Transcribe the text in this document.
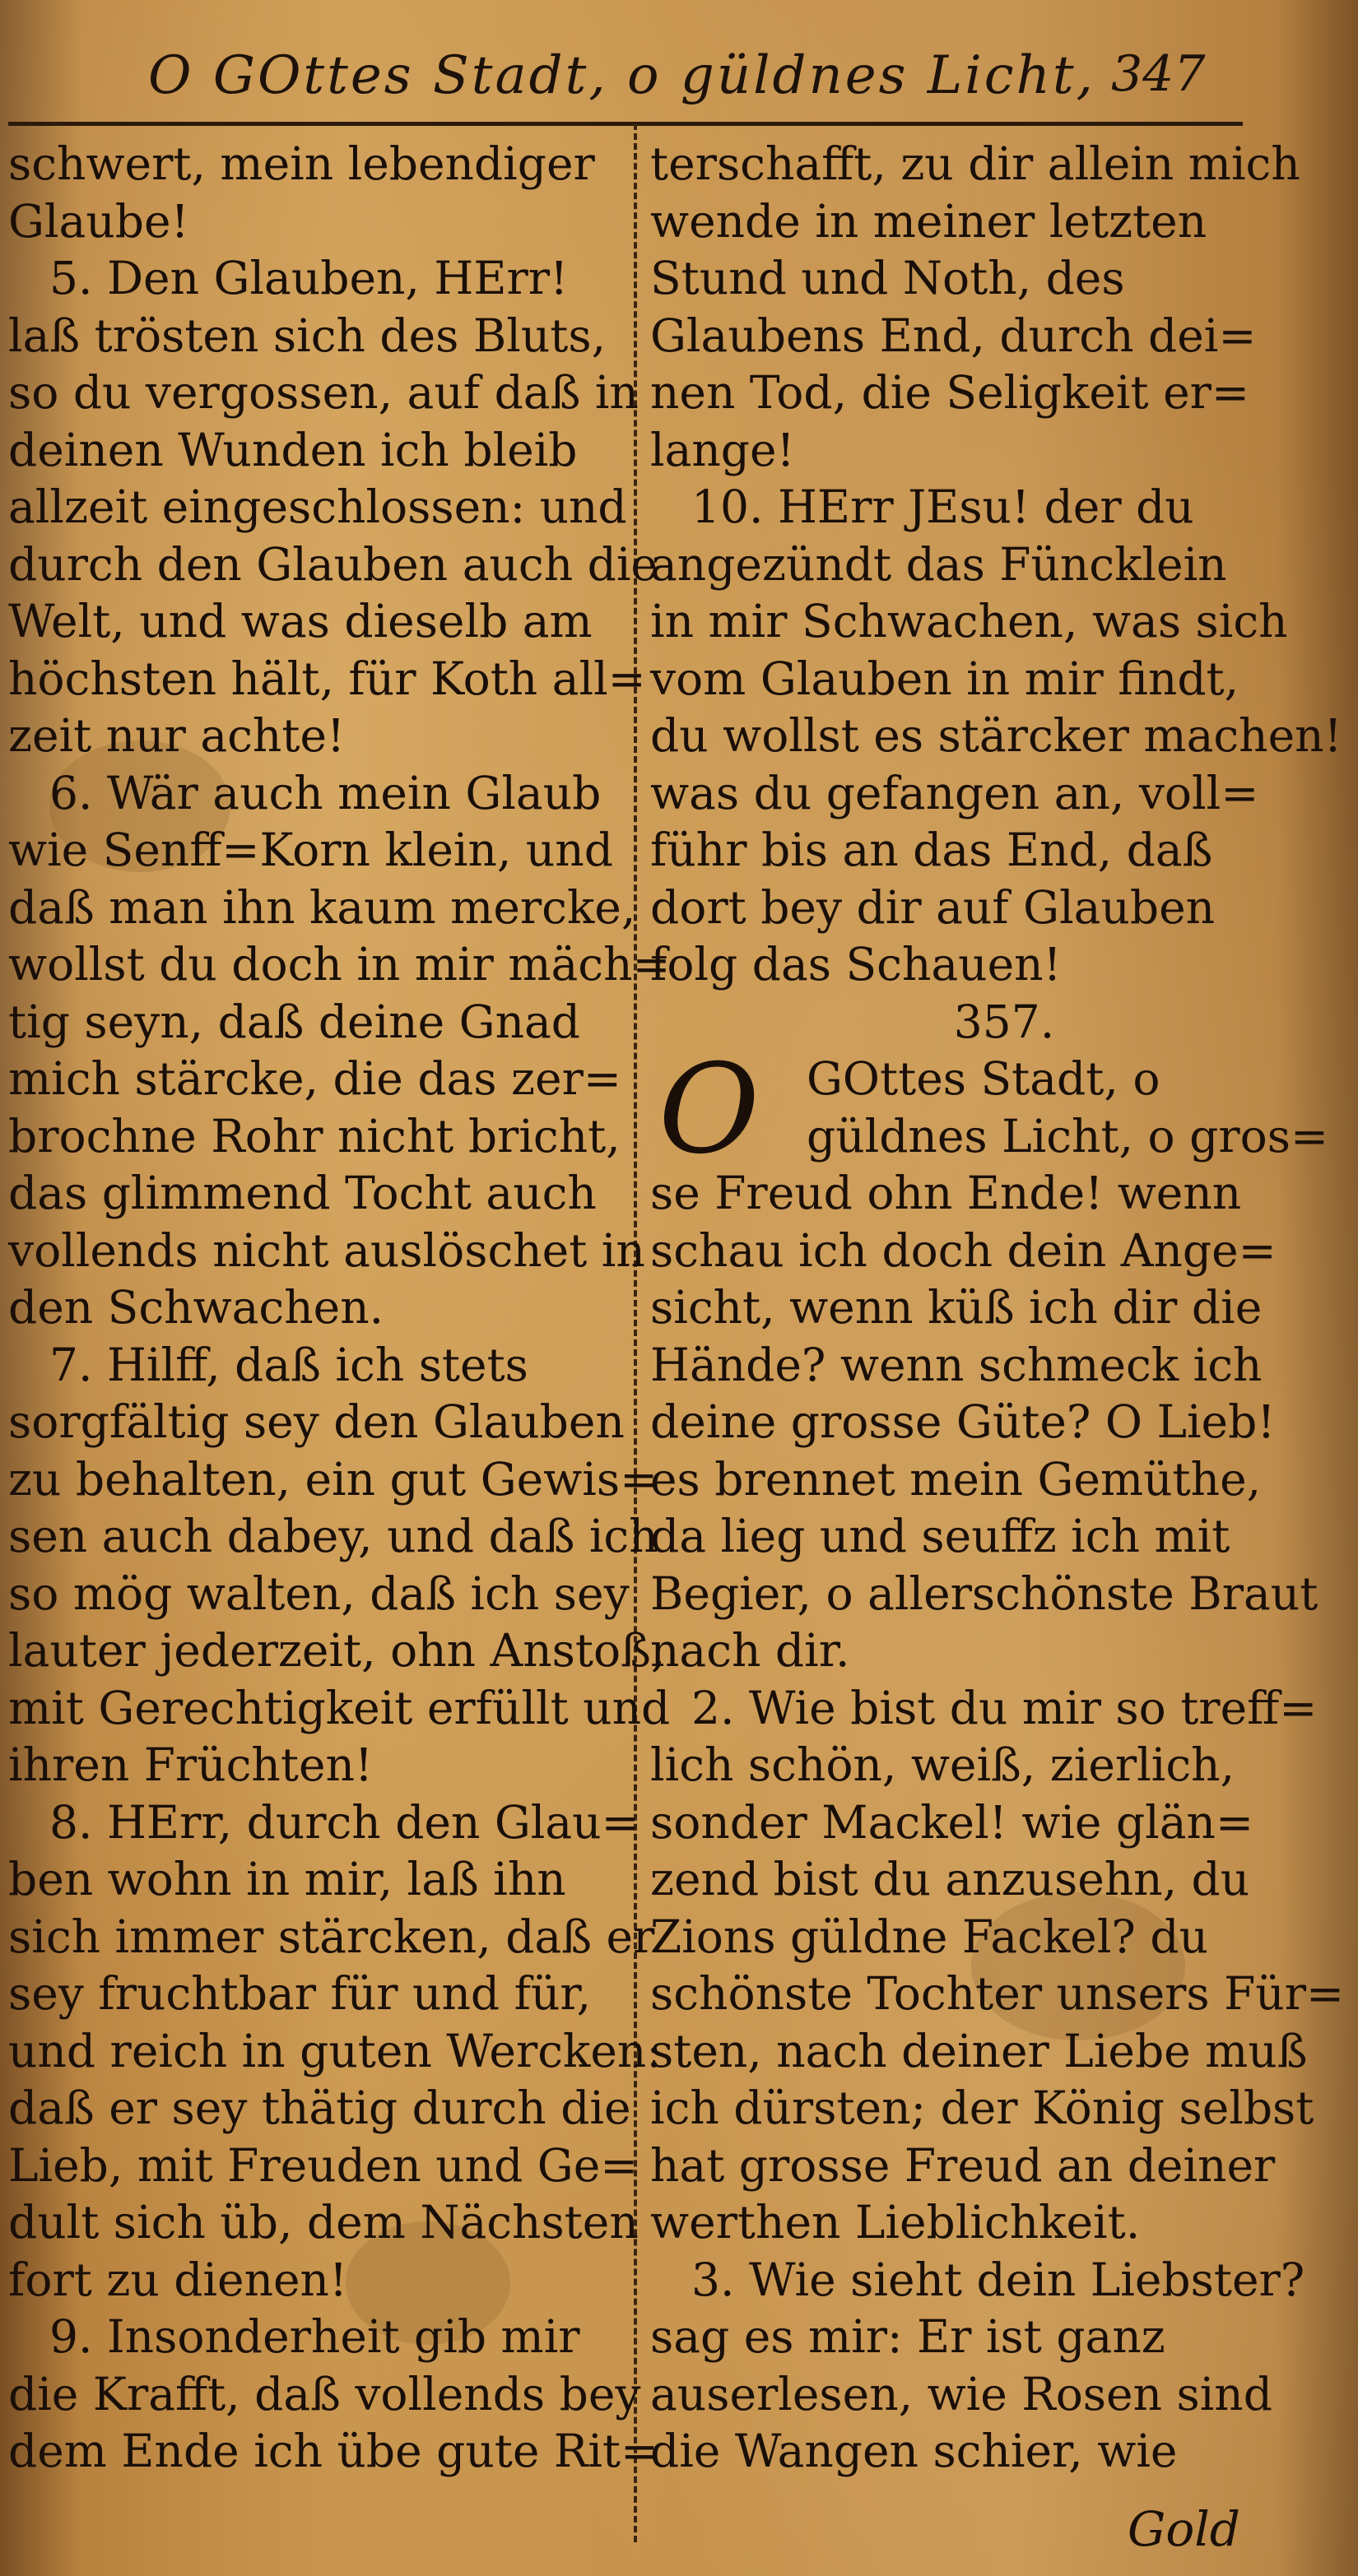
O GOttes Stadt, o güldnes Licht, 347
schwert, mein lebendiger
Glaube!
5. Den Glauben, HErr!
laß trösten sich des Bluts,
so du vergossen, auf daß in
deinen Wunden ich bleib
allzeit eingeschlossen: und
durch den Glauben auch die
Welt, und was dieselb am
höchsten hält, für Koth all=
zeit nur achte!
6. Wär auch mein Glaub
wie Senff=Korn klein, und
daß man ihn kaum mercke,
wollst du doch in mir mäch=
tig seyn, daß deine Gnad
mich stärcke, die das zer=
brochne Rohr nicht bricht,
das glimmend Tocht auch
vollends nicht auslöschet in
den Schwachen.
7. Hilff, daß ich stets
sorgfältig sey den Glauben
zu behalten, ein gut Gewis=
sen auch dabey, und daß ich
so mög walten, daß ich sey
lauter jederzeit, ohn Anstoß,
mit Gerechtigkeit erfüllt und
ihren Früchten!
8. HErr, durch den Glau=
ben wohn in mir, laß ihn
sich immer stärcken, daß er
sey fruchtbar für und für,
und reich in guten Wercken:
daß er sey thätig durch die
Lieb, mit Freuden und Ge=
dult sich üb, dem Nächsten
fort zu dienen!
9. Insonderheit gib mir
die Krafft, daß vollends bey
dem Ende ich übe gute Rit=
terschafft, zu dir allein mich
wende in meiner letzten
Stund und Noth, des
Glaubens End, durch dei=
nen Tod, die Seligkeit er=
lange!
10. HErr JEsu! der du
angezündt das Füncklein
in mir Schwachen, was sich
vom Glauben in mir findt,
du wollst es stärcker machen!
was du gefangen an, voll=
führ bis an das End, daß
dort bey dir auf Glauben
folg das Schauen!
357.
O	GOttes Stadt, o
güldnes Licht, o gros=
se Freud ohn Ende! wenn
schau ich doch dein Ange=
sicht, wenn küß ich dir die
Hände? wenn schmeck ich
deine grosse Güte? O Lieb!
es brennet mein Gemüthe,
da lieg und seuffz ich mit
Begier, o allerschönste Braut
nach dir.
2. Wie bist du mir so treff=
lich schön, weiß, zierlich,
sonder Mackel! wie glän=
zend bist du anzusehn, du
Zions güldne Fackel? du
schönste Tochter unsers Für=
sten, nach deiner Liebe muß
ich dürsten; der König selbst
hat grosse Freud an deiner
werthen Lieblichkeit.
3. Wie sieht dein Liebster?
sag es mir: Er ist ganz
auserlesen, wie Rosen sind
die Wangen schier, wie
Gold
